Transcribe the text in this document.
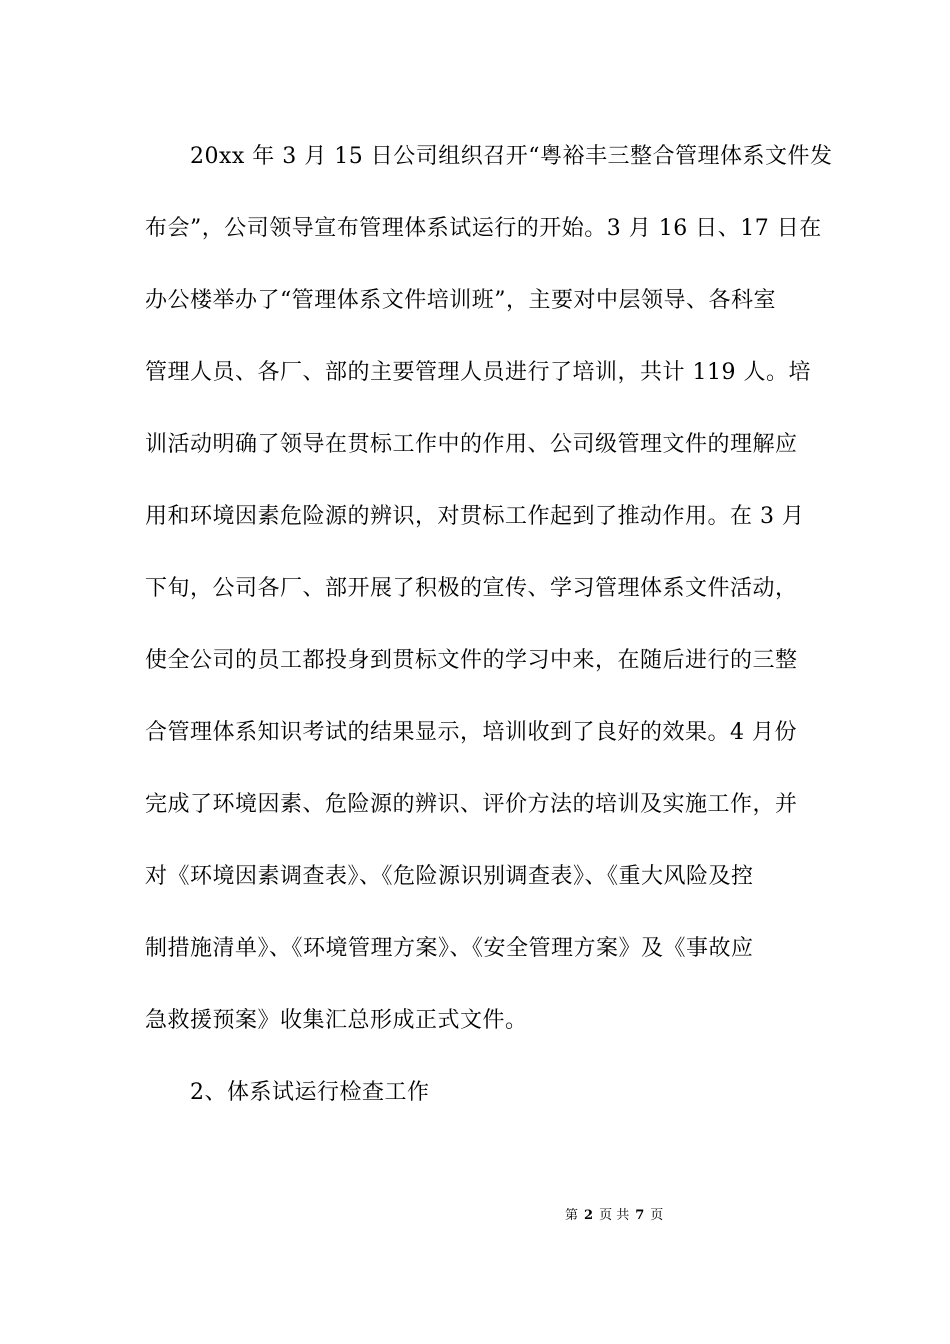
20xx 年 3 月 15 日公司组织召开“粤裕丰三整合管理体系文件发
布会”，公司领导宣布管理体系试运行的开始。3 月 16 日、17 日在
办公楼举办了“管理体系文件培训班”，主要对中层领导、各科室
管理人员、各厂、部的主要管理人员进行了培训，共计 119 人。培
训活动明确了领导在贯标工作中的作用、公司级管理文件的理解应
用和环境因素危险源的辨识，对贯标工作起到了推动作用。在 3 月
下旬，公司各厂、部开展了积极的宣传、学习管理体系文件活动，
使全公司的员工都投身到贯标文件的学习中来，在随后进行的三整
合管理体系知识考试的结果显示，培训收到了良好的效果。4 月份
完成了环境因素、危险源的辨识、评价方法的培训及实施工作，并
对《环境因素调查表》、《危险源识别调查表》、《重大风险及控
制措施清单》、《环境管理方案》、《安全管理方案》及《事故应
急救援预案》收集汇总形成正式文件。
2、体系试运行检查工作
第 2 页 共 7 页
